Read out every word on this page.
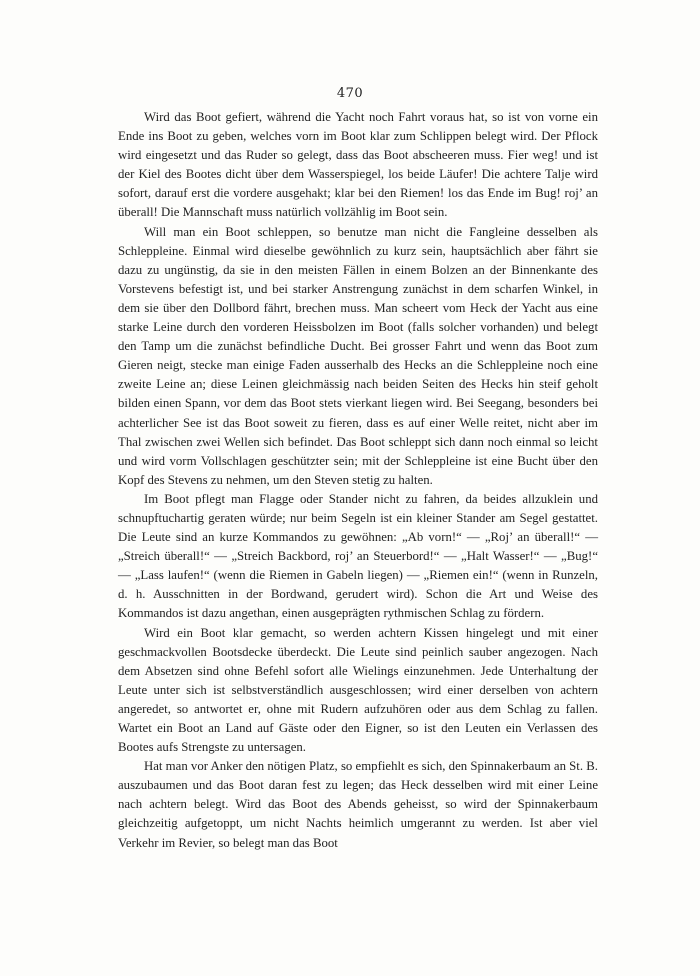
470

Wird das Boot gefiert, während die Yacht noch Fahrt voraus hat, so ist von vorne ein Ende ins Boot zu geben, welches vorn im Boot klar zum Schlippen belegt wird. Der Pflock wird eingesetzt und das Ruder so gelegt, dass das Boot abscheeren muss. Fier weg! und ist der Kiel des Bootes dicht über dem Wasserspiegel, los beide Läufer! Die achtere Talje wird sofort, darauf erst die vordere ausgehakt; klar bei den Riemen! los das Ende im Bug! roj’ an überall! Die Mannschaft muss natürlich vollzählig im Boot sein.

Will man ein Boot schleppen, so benutze man nicht die Fangleine desselben als Schleppleine. Einmal wird dieselbe gewöhnlich zu kurz sein, hauptsächlich aber fährt sie dazu zu ungünstig, da sie in den meisten Fällen in einem Bolzen an der Binnenkante des Vorstevens befestigt ist, und bei starker Anstrengung zunächst in dem scharfen Winkel, in dem sie über den Dollbord fährt, brechen muss. Man scheert vom Heck der Yacht aus eine starke Leine durch den vorderen Heissbolzen im Boot (falls solcher vorhanden) und belegt den Tamp um die zunächst befindliche Ducht. Bei grosser Fahrt und wenn das Boot zum Gieren neigt, stecke man einige Faden ausserhalb des Hecks an die Schleppleine noch eine zweite Leine an; diese Leinen gleichmässig nach beiden Seiten des Hecks hin steif geholt bilden einen Spann, vor dem das Boot stets vierkant liegen wird. Bei Seegang, besonders bei achterlicher See ist das Boot soweit zu fieren, dass es auf einer Welle reitet, nicht aber im Thal zwischen zwei Wellen sich befindet. Das Boot schleppt sich dann noch einmal so leicht und wird vorm Vollschlagen geschützter sein; mit der Schleppleine ist eine Bucht über den Kopf des Stevens zu nehmen, um den Steven stetig zu halten.

Im Boot pflegt man Flagge oder Stander nicht zu fahren, da beides allzuklein und schnupftuchartig geraten würde; nur beim Segeln ist ein kleiner Stander am Segel gestattet. Die Leute sind an kurze Kommandos zu gewöhnen: „Ab vorn!“ — „Roj’ an überall!“ — „Streich überall!“ — „Streich Backbord, roj’ an Steuerbord!“ — „Halt Wasser!“ — „Bug!“ — „Lass laufen!“ (wenn die Riemen in Gabeln liegen) — „Riemen ein!“ (wenn in Runzeln, d. h. Ausschnitten in der Bordwand, gerudert wird). Schon die Art und Weise des Kommandos ist dazu angethan, einen ausgeprägten rythmischen Schlag zu fördern.

Wird ein Boot klar gemacht, so werden achtern Kissen hingelegt und mit einer geschmackvollen Bootsdecke überdeckt. Die Leute sind peinlich sauber angezogen. Nach dem Absetzen sind ohne Befehl sofort alle Wielings einzunehmen. Jede Unterhaltung der Leute unter sich ist selbstverständlich ausgeschlossen; wird einer derselben von achtern angeredet, so antwortet er, ohne mit Rudern aufzuhören oder aus dem Schlag zu fallen. Wartet ein Boot an Land auf Gäste oder den Eigner, so ist den Leuten ein Verlassen des Bootes aufs Strengste zu untersagen.

Hat man vor Anker den nötigen Platz, so empfiehlt es sich, den Spinnakerbaum an St. B. auszubaumen und das Boot daran fest zu legen; das Heck desselben wird mit einer Leine nach achtern belegt. Wird das Boot des Abends geheisst, so wird der Spinnakerbaum gleichzeitig aufgetoppt, um nicht Nachts heimlich umgerannt zu werden. Ist aber viel Verkehr im Revier, so belegt man das Boot
